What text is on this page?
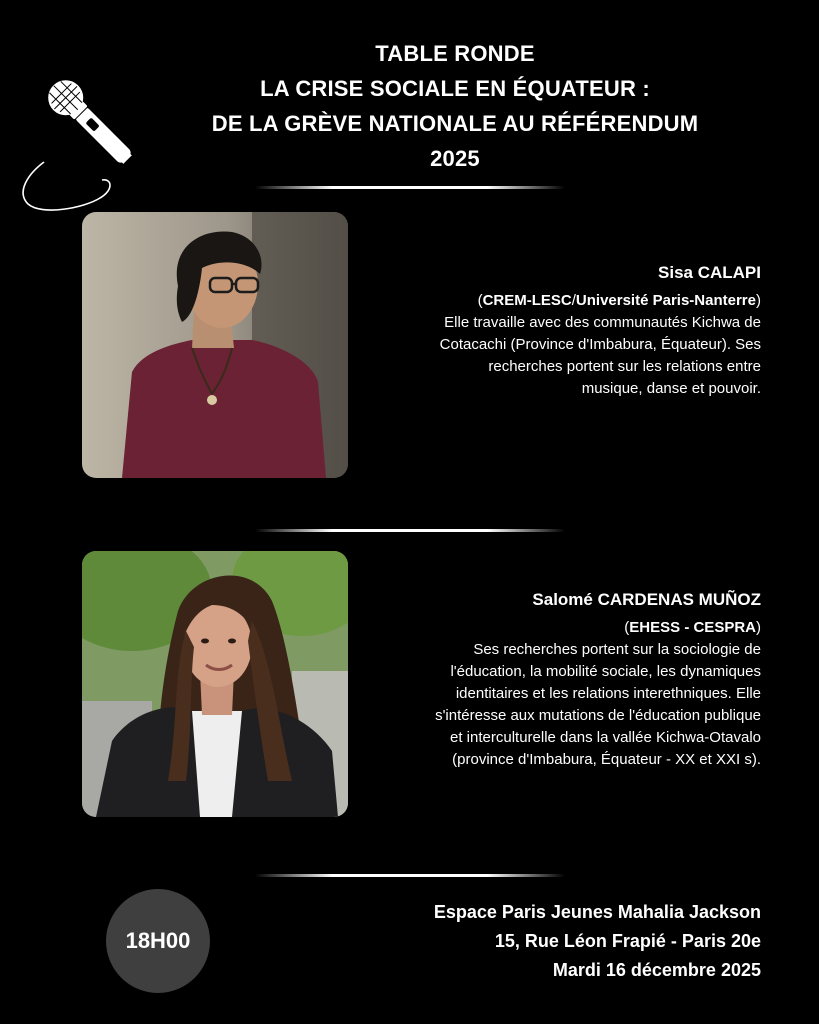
TABLE RONDE
LA CRISE SOCIALE EN ÉQUATEUR :
DE LA GRÈVE NATIONALE AU RÉFÉRENDUM
2025
Sisa CALAPI
(CREM-LESC/Université Paris-Nanterre)
Elle travaille avec des communautés Kichwa de
Cotacachi (Province d'Imbabura, Équateur). Ses
recherches portent sur les relations entre
musique, danse et pouvoir.
Salomé CARDENAS MUÑOZ
(EHESS - CESPRA)
Ses recherches portent sur la sociologie de
l'éducation, la mobilité sociale, les dynamiques
identitaires et les relations interethniques. Elle
s'intéresse aux mutations de l'éducation publique
et interculturelle dans la vallée Kichwa-Otavalo
(province d'Imbabura, Équateur - XX et XXI s).
18H00
Espace Paris Jeunes Mahalia Jackson
15, Rue Léon Frapié - Paris 20e
Mardi 16 décembre 2025
